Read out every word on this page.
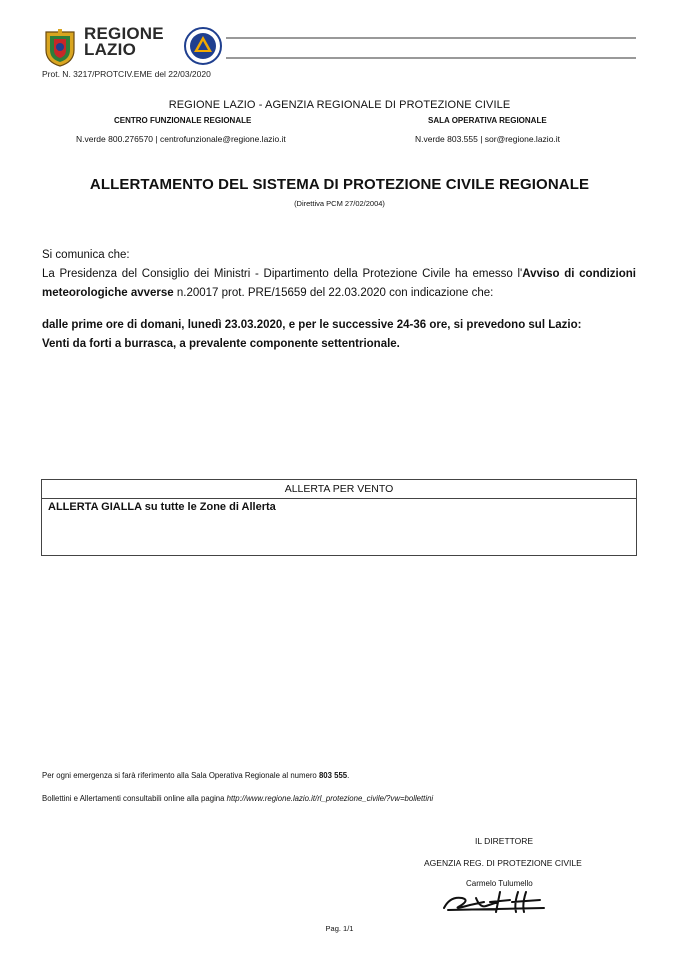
REGIONE
LAZIO
Prot. N. 3217/PROTCIV.EME del 22/03/2020
REGIONE LAZIO - AGENZIA REGIONALE DI PROTEZIONE CIVILE
CENTRO FUNZIONALE REGIONALE	SALA OPERATIVA REGIONALE
N.verde 800.276570 | centrofunzionale@regione.lazio.it	N.verde 803.555 | sor@regione.lazio.it
ALLERTAMENTO DEL SISTEMA DI PROTEZIONE CIVILE REGIONALE
(Direttiva PCM 27/02/2004)
Si comunica che:
La Presidenza del Consiglio dei Ministri - Dipartimento della Protezione Civile ha emesso l'Avviso di condizioni meteorologiche avverse n.20017 prot. PRE/15659 del 22.03.2020 con indicazione che:
dalle prime ore di domani, lunedì 23.03.2020, e per le successive 24-36 ore, si prevedono sul Lazio:
Venti da forti a burrasca, a prevalente componente settentrionale.
ALLERTA PER VENTO
ALLERTA GIALLA su tutte le Zone di Allerta
Per ogni emergenza si farà riferimento alla Sala Operativa Regionale al numero 803 555.
Bollettini e Allertamenti consultabili online alla pagina http://www.regione.lazio.it/rl_protezione_civile/?vw=bollettini
IL DIRETTORE
AGENZIA REG. DI PROTEZIONE CIVILE
Carmelo Tulumello
Pag. 1/1
